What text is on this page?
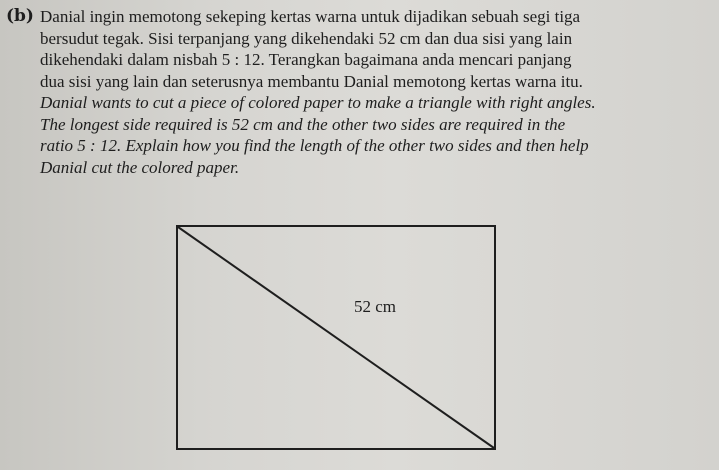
(b) Danial ingin memotong sekeping kertas warna untuk dijadikan sebuah segi tiga
bersudut tegak. Sisi terpanjang yang dikehendaki 52 cm dan dua sisi yang lain
dikehendaki dalam nisbah 5 : 12. Terangkan bagaimana anda mencari panjang
dua sisi yang lain dan seterusnya membantu Danial memotong kertas warna itu.
Danial wants to cut a piece of colored paper to make a triangle with right angles.
The longest side required is 52 cm and the other two sides are required in the
ratio 5 : 12. Explain how you find the length of the other two sides and then help
Danial cut the colored paper.
52 cm
